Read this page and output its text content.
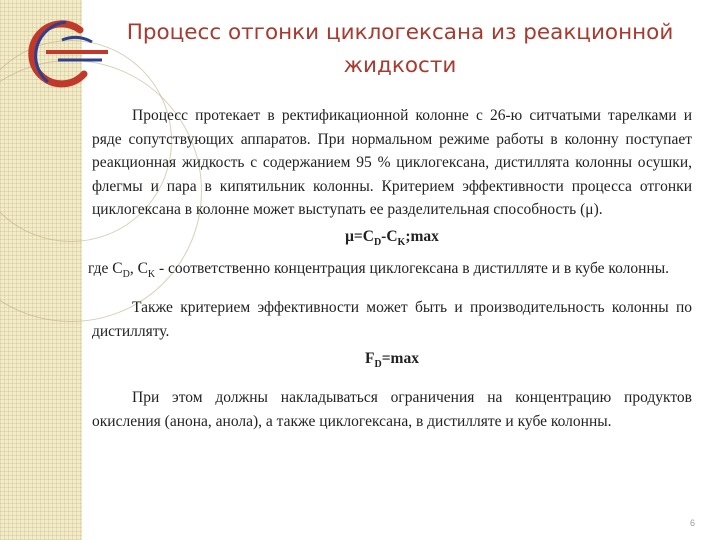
Процесс отгонки циклогексана из реакционной жидкости

Процесс протекает в ректификационной колонне с 26-ю ситчатыми тарелками и ряде сопутствующих аппаратов. При нормальном режиме работы в колонну поступает реакционная жидкость с содержанием 95 % циклогексана, дистиллята колонны осушки, флегмы и пара в кипятильник колонны. Критерием эффективности процесса отгонки циклогексана в колонне может выступать ее разделительная способность (μ).

$\mu=C_D-C_K;\max$

где $C_D$, $C_K$ - соответственно концентрация циклогексана в дистилляте и в кубе колонны.

Также критерием эффективности может быть и производительность колонны по дистилляту.

$F_D=\max$

При этом должны накладываться ограничения на концентрацию продуктов окисления (анона, анола), а также циклогексана, в дистилляте и кубе колонны.

6
